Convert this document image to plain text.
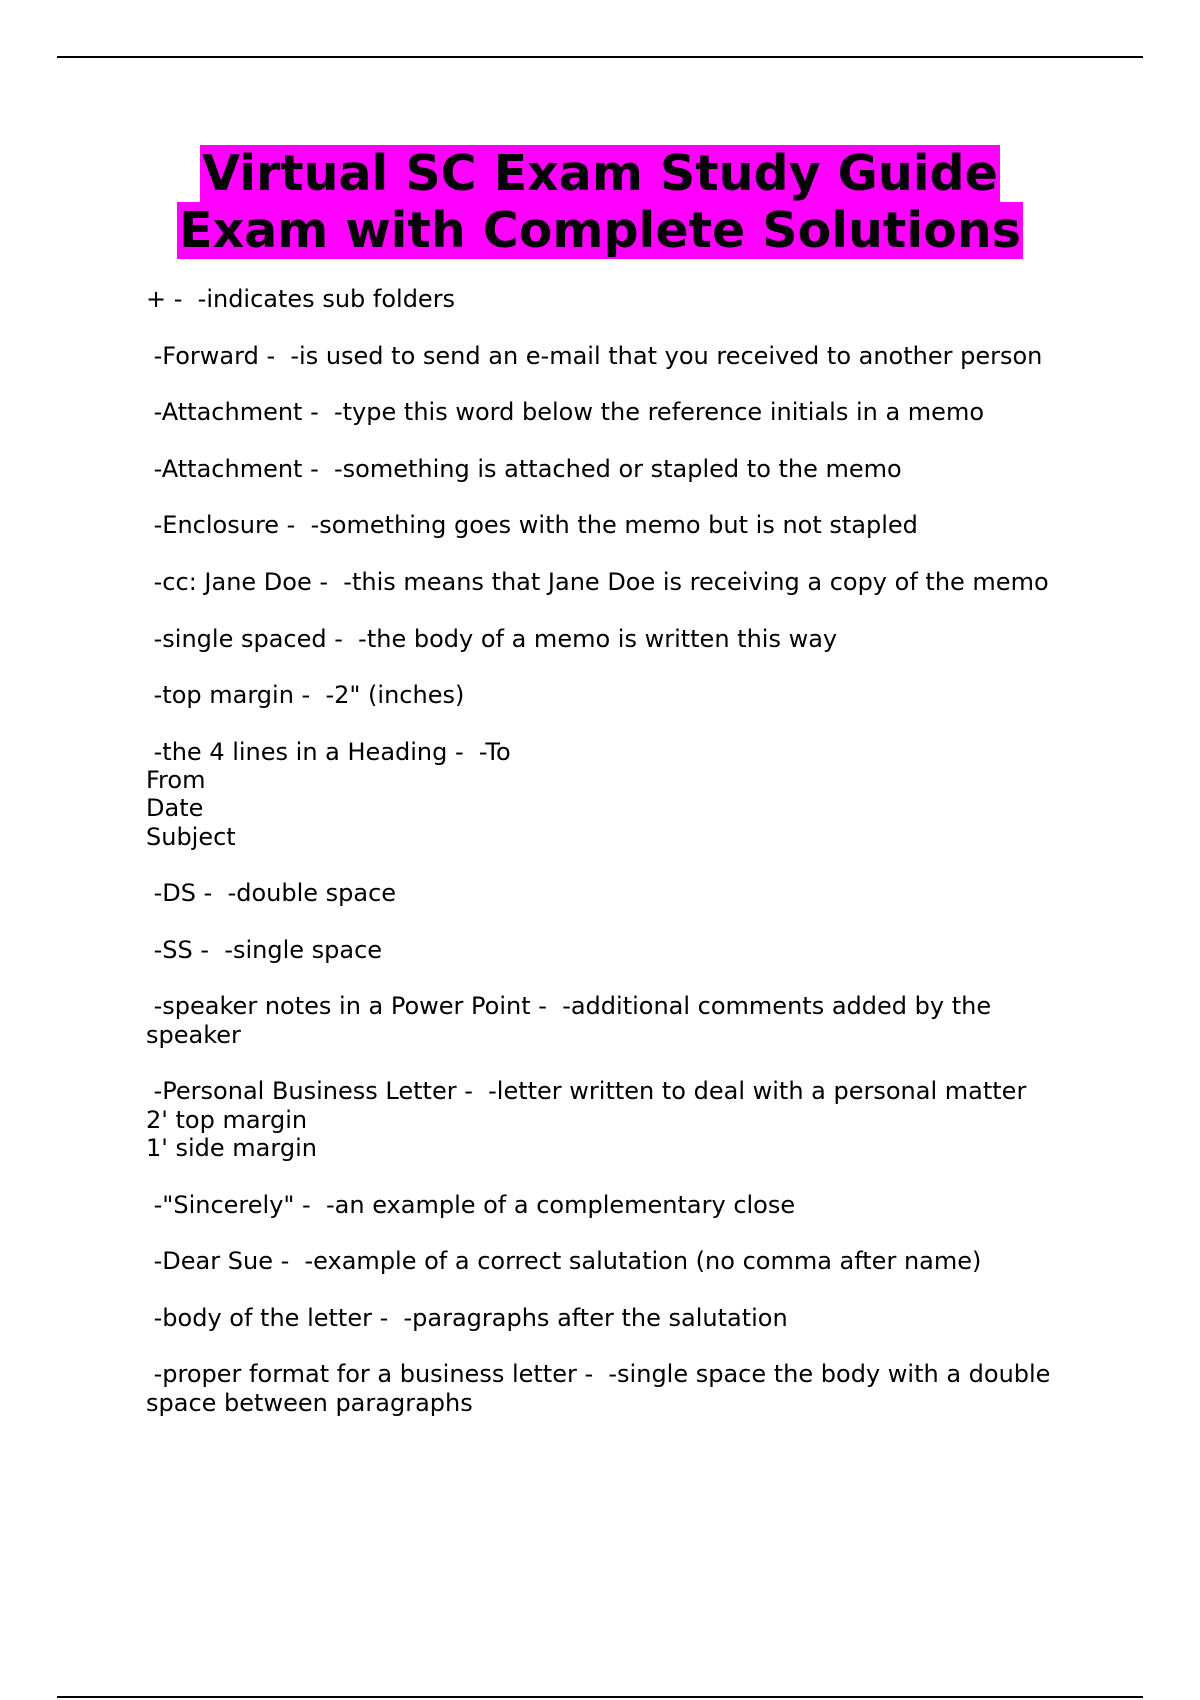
Virtual SC Exam Study Guide
Exam with Complete Solutions
+ -  -indicates sub folders
-Forward -  -is used to send an e-mail that you received to another person
-Attachment -  -type this word below the reference initials in a memo
-Attachment -  -something is attached or stapled to the memo
-Enclosure -  -something goes with the memo but is not stapled
-cc: Jane Doe -  -this means that Jane Doe is receiving a copy of the memo
-single spaced -  -the body of a memo is written this way
-top margin -  -2" (inches)
-the 4 lines in a Heading -  -To
From
Date
Subject
-DS -  -double space
-SS -  -single space
-speaker notes in a Power Point -  -additional comments added by the speaker
-Personal Business Letter -  -letter written to deal with a personal matter
2' top margin
1' side margin
-"Sincerely" -  -an example of a complementary close
-Dear Sue -  -example of a correct salutation (no comma after name)
-body of the letter -  -paragraphs after the salutation
-proper format for a business letter -  -single space the body with a double space between paragraphs
